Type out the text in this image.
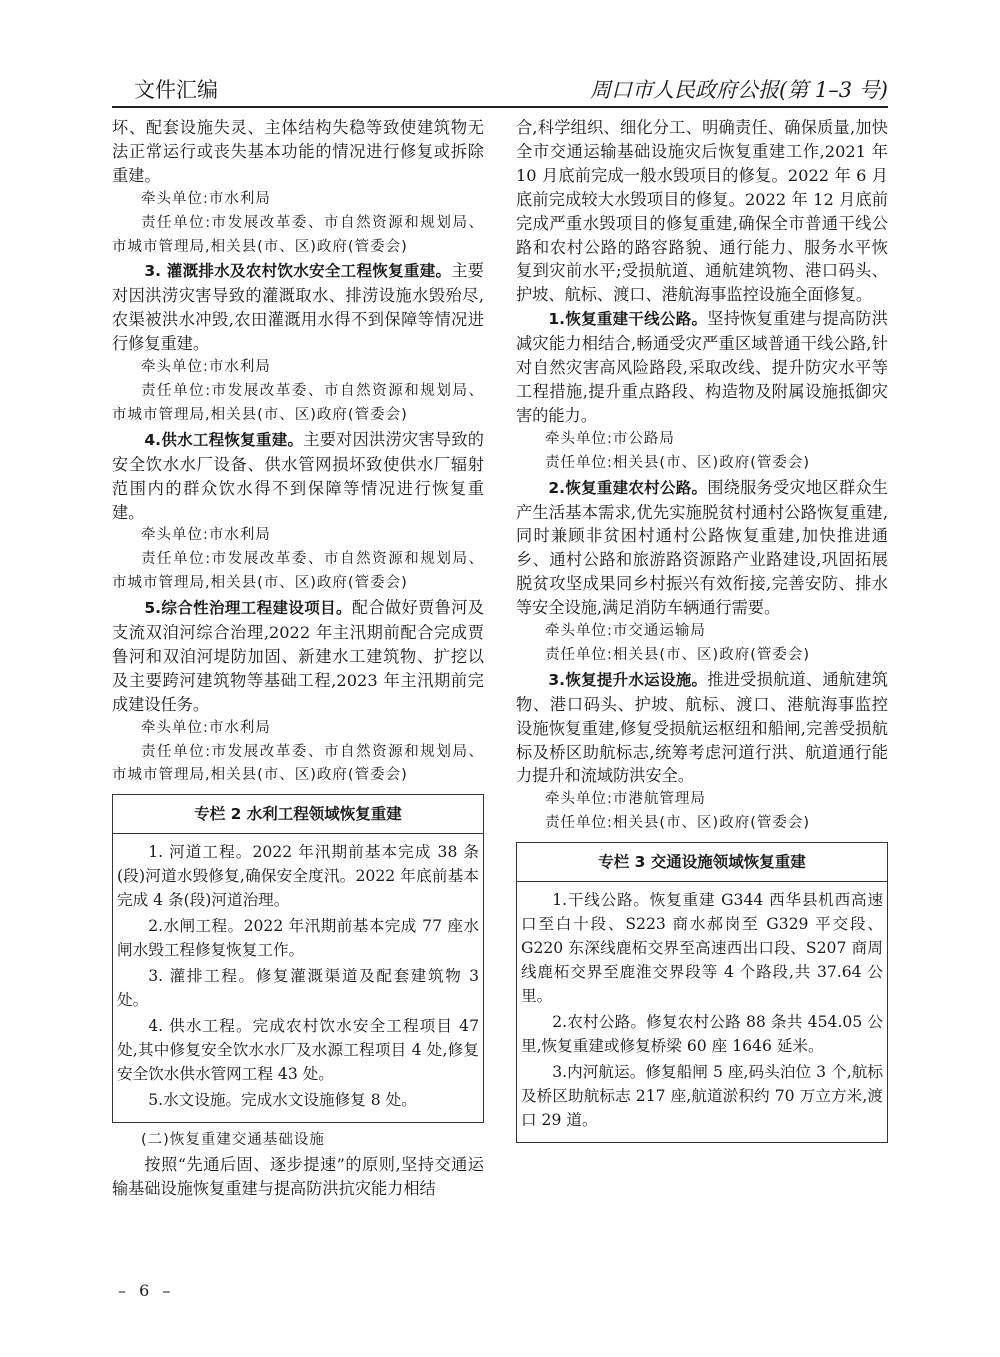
文件汇编	周口市人民政府公报(第 1–3 号)

坏、配套设施失灵、主体结构失稳等致使建筑物无法正常运行或丧失基本功能的情况进行修复或拆除重建。

牵头单位:市水利局

责任单位:市发展改革委、市自然资源和规划局、市城市管理局,相关县(市、区)政府(管委会)

3. 灌溉排水及农村饮水安全工程恢复重建。主要对因洪涝灾害导致的灌溉取水、排涝设施水毁殆尽,农渠被洪水冲毁,农田灌溉用水得不到保障等情况进行修复重建。

牵头单位:市水利局

责任单位:市发展改革委、市自然资源和规划局、市城市管理局,相关县(市、区)政府(管委会)

4.供水工程恢复重建。主要对因洪涝灾害导致的安全饮水水厂设备、供水管网损坏致使供水厂辐射范围内的群众饮水得不到保障等情况进行恢复重建。

牵头单位:市水利局

责任单位:市发展改革委、市自然资源和规划局、市城市管理局,相关县(市、区)政府(管委会)

5.综合性治理工程建设项目。配合做好贾鲁河及支流双洎河综合治理,2022 年主汛期前配合完成贾鲁河和双洎河堤防加固、新建水工建筑物、扩挖以及主要跨河建筑物等基础工程,2023 年主汛期前完成建设任务。

牵头单位:市水利局

责任单位:市发展改革委、市自然资源和规划局、市城市管理局,相关县(市、区)政府(管委会)

专栏 2 水利工程领域恢复重建

1. 河道工程。2022 年汛期前基本完成 38 条(段)河道水毁修复,确保安全度汛。2022 年底前基本完成 4 条(段)河道治理。

2.水闸工程。2022 年汛期前基本完成 77 座水闸水毁工程修复恢复工作。

3. 灌排工程。修复灌溉渠道及配套建筑物 3 处。

4. 供水工程。完成农村饮水安全工程项目 47 处,其中修复安全饮水水厂及水源工程项目 4 处,修复安全饮水供水管网工程 43 处。

5.水文设施。完成水文设施修复 8 处。

(二)恢复重建交通基础设施

按照“先通后固、逐步提速”的原则,坚持交通运输基础设施恢复重建与提高防洪抗灾能力相结

合,科学组织、细化分工、明确责任、确保质量,加快全市交通运输基础设施灾后恢复重建工作,2021 年 10 月底前完成一般水毁项目的修复。2022 年 6 月底前完成较大水毁项目的修复。2022 年 12 月底前完成严重水毁项目的修复重建,确保全市普通干线公路和农村公路的路容路貌、通行能力、服务水平恢复到灾前水平;受损航道、通航建筑物、港口码头、护坡、航标、渡口、港航海事监控设施全面修复。

1.恢复重建干线公路。坚持恢复重建与提高防洪减灾能力相结合,畅通受灾严重区域普通干线公路,针对自然灾害高风险路段,采取改线、提升防灾水平等工程措施,提升重点路段、构造物及附属设施抵御灾害的能力。

牵头单位:市公路局

责任单位:相关县(市、区)政府(管委会)

2.恢复重建农村公路。围绕服务受灾地区群众生产生活基本需求,优先实施脱贫村通村公路恢复重建,同时兼顾非贫困村通村公路恢复重建,加快推进通乡、通村公路和旅游路资源路产业路建设,巩固拓展脱贫攻坚成果同乡村振兴有效衔接,完善安防、排水等安全设施,满足消防车辆通行需要。

牵头单位:市交通运输局

责任单位:相关县(市、区)政府(管委会)

3.恢复提升水运设施。推进受损航道、通航建筑物、港口码头、护坡、航标、渡口、港航海事监控设施恢复重建,修复受损航运枢纽和船闸,完善受损航标及桥区助航标志,统筹考虑河道行洪、航道通行能力提升和流域防洪安全。

牵头单位:市港航管理局

责任单位:相关县(市、区)政府(管委会)

专栏 3 交通设施领域恢复重建

1.干线公路。恢复重建 G344 西华县机西高速口至白十段、S223 商水郝岗至 G329 平交段、G220 东深线鹿柘交界至高速西出口段、S207 商周线鹿柘交界至鹿淮交界段等 4 个路段,共 37.64 公里。

2.农村公路。修复农村公路 88 条共 454.05 公里,恢复重建或修复桥梁 60 座 1646 延米。

3.内河航运。修复船闸 5 座,码头泊位 3 个,航标及桥区助航标志 217 座,航道淤积约 70 万立方米,渡口 29 道。

– 6 –
